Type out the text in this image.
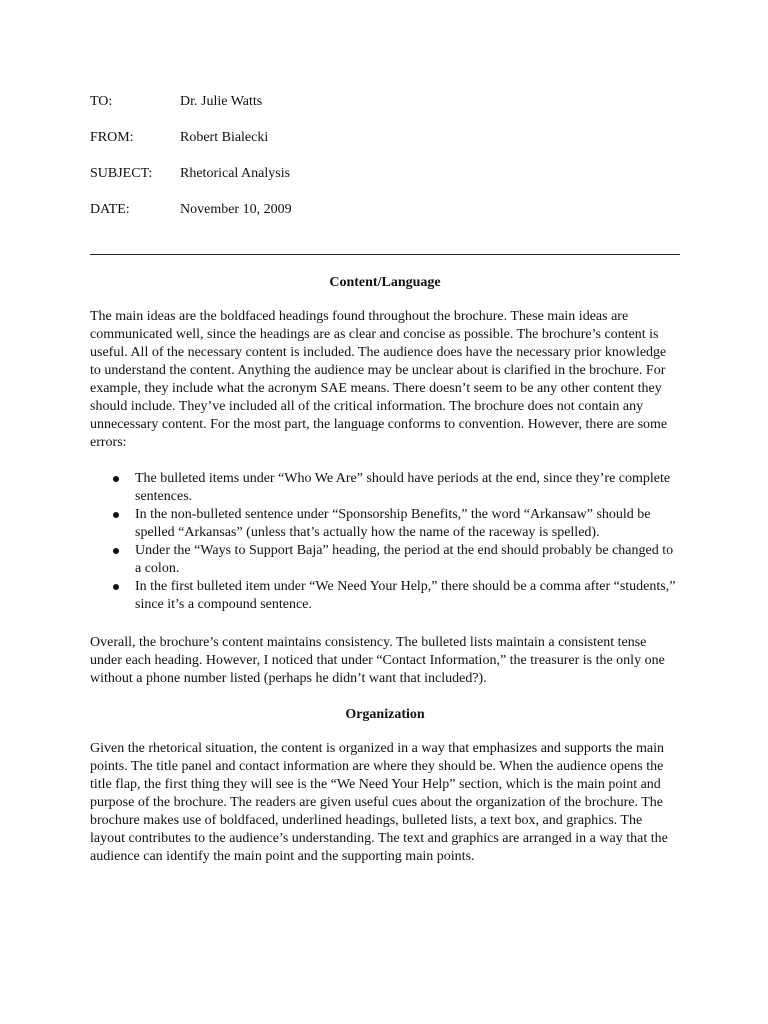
TO:	Dr. Julie Watts
FROM:	Robert Bialecki
SUBJECT:	Rhetorical Analysis
DATE:	November 10, 2009
Content/Language

The main ideas are the boldfaced headings found throughout the brochure. These main ideas are communicated well, since the headings are as clear and concise as possible. The brochure’s content is useful. All of the necessary content is included. The audience does have the necessary prior knowledge to understand the content. Anything the audience may be unclear about is clarified in the brochure. For example, they include what the acronym SAE means. There doesn’t seem to be any other content they should include. They’ve included all of the critical information. The brochure does not contain any unnecessary content. For the most part, the language conforms to convention. However, there are some errors:

The bulleted items under “Who We Are” should have periods at the end, since they’re complete sentences.
In the non-bulleted sentence under “Sponsorship Benefits,” the word “Arkansaw” should be spelled “Arkansas” (unless that’s actually how the name of the raceway is spelled).
Under the “Ways to Support Baja” heading, the period at the end should probably be changed to a colon.
In the first bulleted item under “We Need Your Help,” there should be a comma after “students,” since it’s a compound sentence.

Overall, the brochure’s content maintains consistency. The bulleted lists maintain a consistent tense under each heading. However, I noticed that under “Contact Information,” the treasurer is the only one without a phone number listed (perhaps he didn’t want that included?).

Organization

Given the rhetorical situation, the content is organized in a way that emphasizes and supports the main points. The title panel and contact information are where they should be. When the audience opens the title flap, the first thing they will see is the “We Need Your Help” section, which is the main point and purpose of the brochure. The readers are given useful cues about the organization of the brochure. The brochure makes use of boldfaced, underlined headings, bulleted lists, a text box, and graphics. The layout contributes to the audience’s understanding. The text and graphics are arranged in a way that the audience can identify the main point and the supporting main points.
